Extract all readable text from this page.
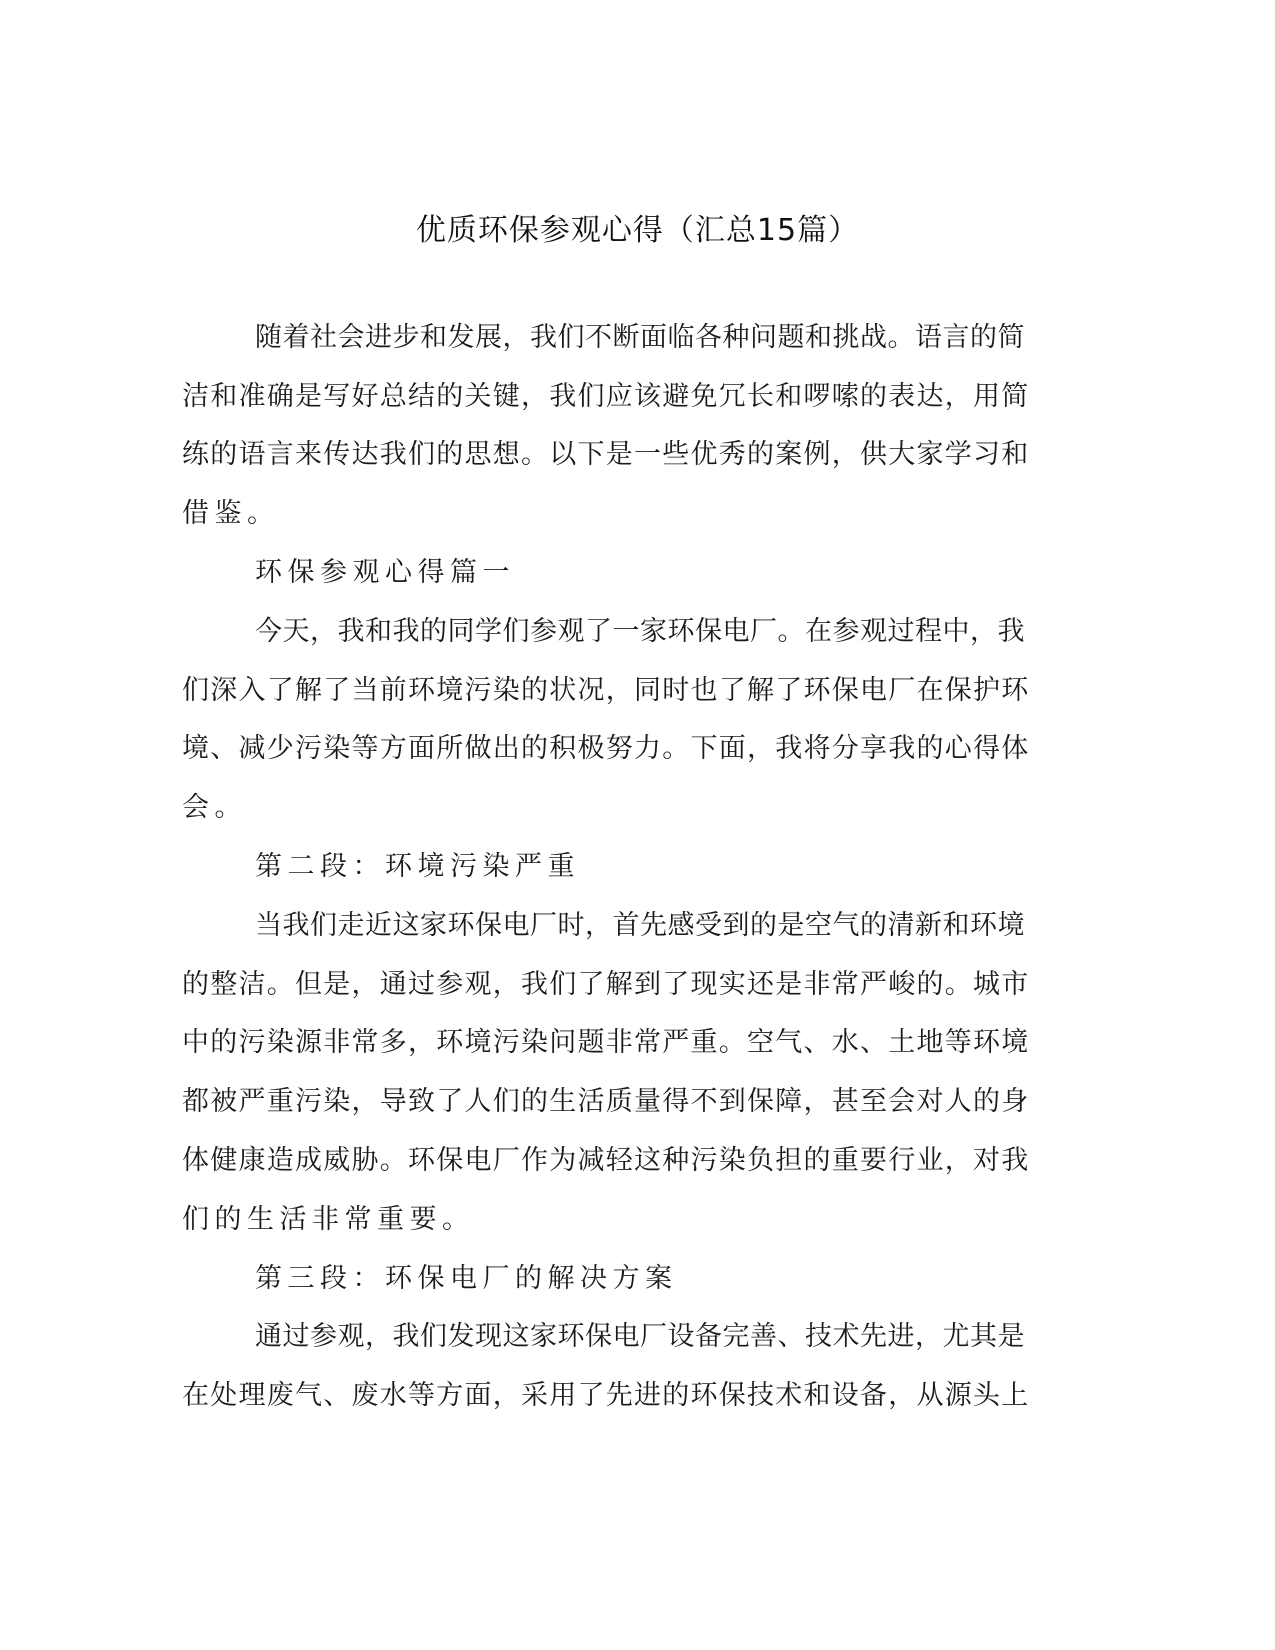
优质环保参观心得（汇总15篇）

随着社会进步和发展，我们不断面临各种问题和挑战。语言的简

洁和准确是写好总结的关键，我们应该避免冗长和啰嗦的表达，用简

练的语言来传达我们的思想。以下是一些优秀的案例，供大家学习和

借鉴。

环保参观心得篇一

今天，我和我的同学们参观了一家环保电厂。在参观过程中，我

们深入了解了当前环境污染的状况，同时也了解了环保电厂在保护环

境、减少污染等方面所做出的积极努力。下面，我将分享我的心得体

会。

第二段：环境污染严重

当我们走近这家环保电厂时，首先感受到的是空气的清新和环境

的整洁。但是，通过参观，我们了解到了现实还是非常严峻的。城市

中的污染源非常多，环境污染问题非常严重。空气、水、土地等环境

都被严重污染，导致了人们的生活质量得不到保障，甚至会对人的身

体健康造成威胁。环保电厂作为减轻这种污染负担的重要行业，对我

们的生活非常重要。

第三段：环保电厂的解决方案

通过参观，我们发现这家环保电厂设备完善、技术先进，尤其是

在处理废气、废水等方面，采用了先进的环保技术和设备，从源头上
